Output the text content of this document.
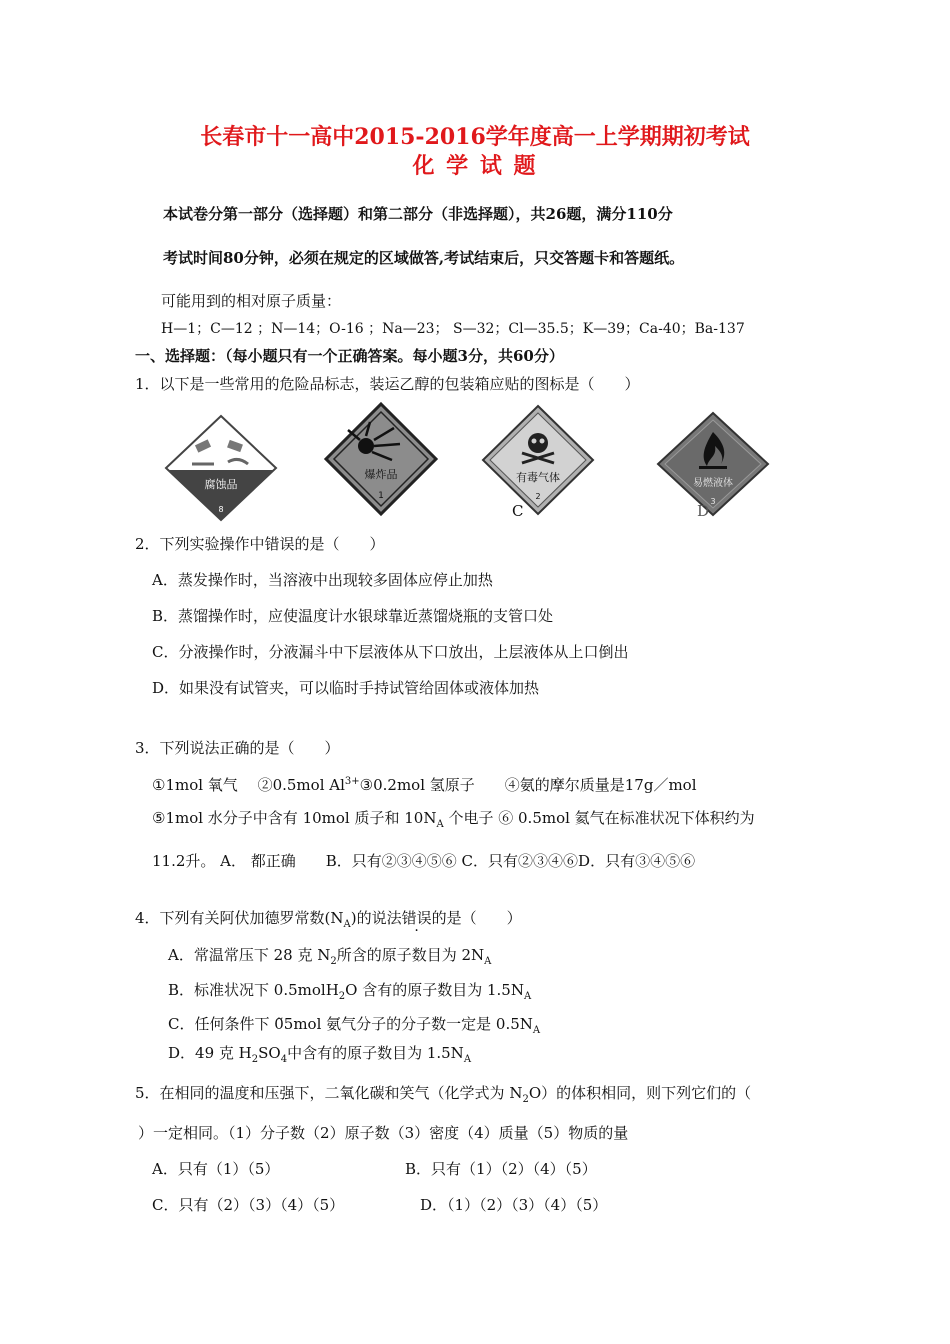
长春市十一高中2015-2016学年度高一上学期期初考试
化 学 试 题
本试卷分第一部分（选择题）和第二部分（非选择题），共26题，满分110分
考试时间80分钟，必须在规定的区域做答,考试结束后，只交答题卡和答题纸。
可能用到的相对原子质量：
H—1；C—12 ；N—14；O-16 ；Na—23； S—32；Cl—35.5；K—39；Ca-40；Ba-137
一、选择题：（每小题只有一个正确答案。每小题3分，共60分）
1．以下是一些常用的危险品标志，装运乙醇的包装箱应贴的图标是（　　）
腐蚀品
8
爆炸品
1
有毒气体
2
C
易燃液体
3
D
2．下列实验操作中错误的是（　　）
A．蒸发操作时，当溶液中出现较多固体应停止加热
B．蒸馏操作时，应使温度计水银球靠近蒸馏烧瓶的支管口处
C．分液操作时，分液漏斗中下层液体从下口放出，上层液体从上口倒出
D．如果没有试管夹，可以临时手持试管给固体或液体加热
3．下列说法正确的是（　　）
①1mol 氧气　 ②0.5mol $Al^{3+}③0.2mol$ 氢原子　　④氨的摩尔质量是17g／mol
⑤1mol 水分子中含有 10mol 质子和 $10N_A$ 个电子 ⑥ 0.5mol 氦气在标准状况下体积约为
11.2升。 A． 都正确　　B．只有②③④⑤⑥ C．只有②③④⑥D．只有③④⑤⑥
4．下列有关阿伏加德罗常数$(N_A)$的说法错误的是（　　）
A．常温常压下 28 克 $N_2$所含的原子数目为 $2N_A$
B．标准状况下 0.5molH$_2$O 含有的原子数目为 $1.5N_A$
C．任何条件下 0̃5mol 氨气分子的分子数一定是 $0.5N_A$
D．49 克 $H_2SO_4$中含有的原子数目为 $1.5N_A$
5．在相同的温度和压强下，二氧化碳和笑气（化学式为 $N_2O$）的体积相同，则下列它们的（
）一定相同。（1）分子数（2）原子数（3）密度（4）质量（5）物质的量
A．只有（1）（5）	B．只有（1）（2）（4）（5）
C．只有（2）（3）（4）（5）	D．（1）（2）（3）（4）（5）
